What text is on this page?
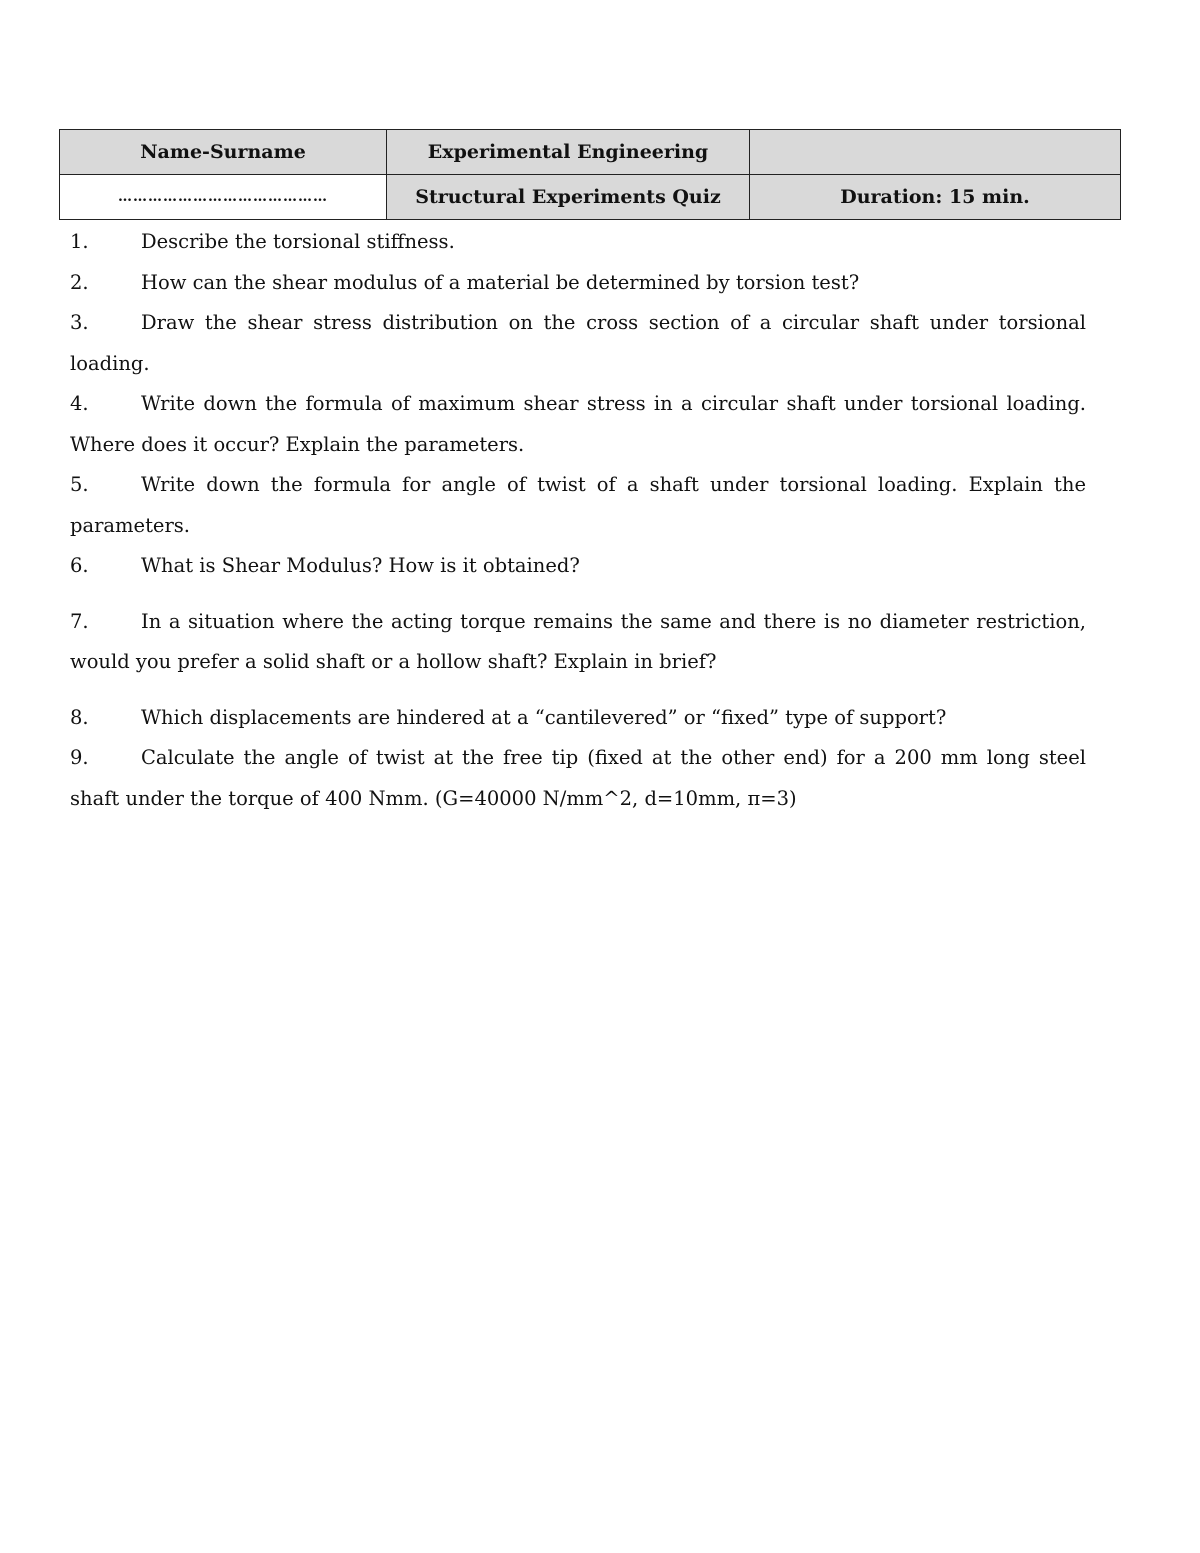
Name-Surname	Experimental Engineering	
……………………………………	Structural Experiments Quiz	Duration: 15 min.

1.	Describe the torsional stiffness.

2.	How can the shear modulus of a material be determined by torsion test?

3.	Draw the shear stress distribution on the cross section of a circular shaft under torsional loading.

4.	Write down the formula of maximum shear stress in a circular shaft under torsional loading. Where does it occur? Explain the parameters.

5.	Write down the formula for angle of twist of a shaft under torsional loading. Explain the parameters.

6.	What is Shear Modulus? How is it obtained?

7.	In a situation where the acting torque remains the same and there is no diameter restriction, would you prefer a solid shaft or a hollow shaft? Explain in brief?

8.	Which displacements are hindered at a “cantilevered” or “fixed” type of support?

9.	Calculate the angle of twist at the free tip (fixed at the other end) for a 200 mm long steel shaft under the torque of 400 Nmm. (G=40000 N/mm^2, d=10mm, π=3)
